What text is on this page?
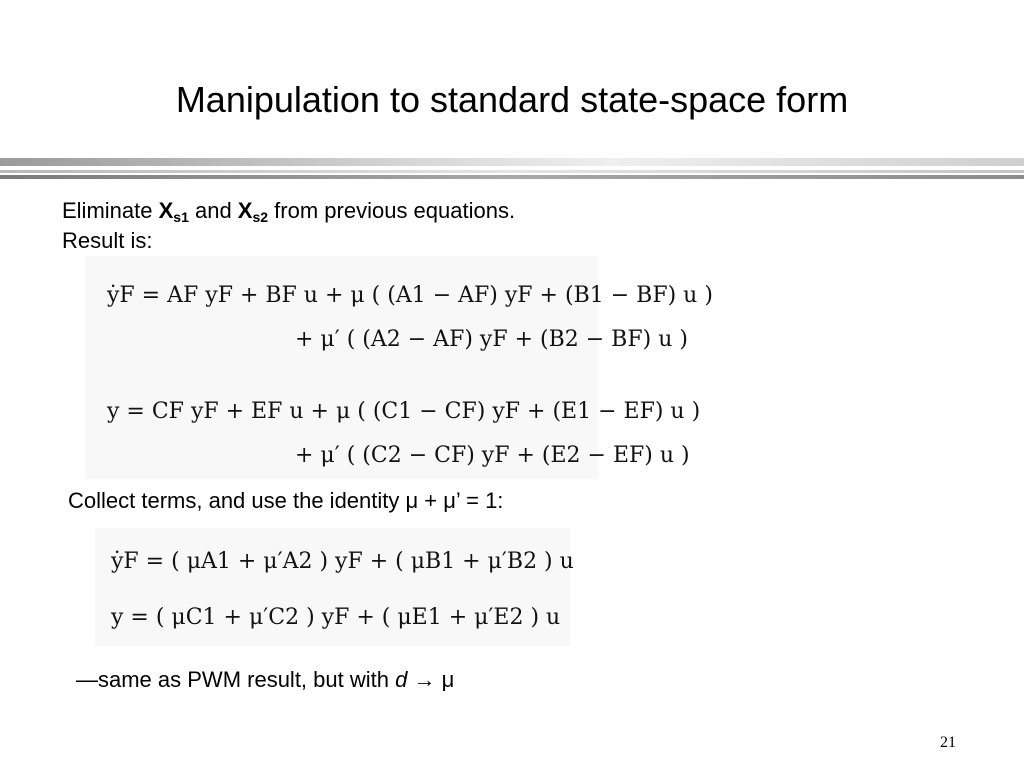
Manipulation to standard state-space form
Eliminate $X_{s1}$ and $X_{s2}$ from previous equations.
Result is:
ẏF = AF yF + BF u + μ ( (A1 − AF) yF + (B1 − BF) u )
+ μ′ ( (A2 − AF) yF + (B2 − BF) u )
y = CF yF + EF u + μ ( (C1 − CF) yF + (E1 − EF) u )
+ μ′ ( (C2 − CF) yF + (E2 − EF) u )
Collect terms, and use the identity μ + μ’ = 1:
ẏF = ( μA1 + μ′A2 ) yF + ( μB1 + μ′B2 ) u
y = ( μC1 + μ′C2 ) yF + ( μE1 + μ′E2 ) u
—same as PWM result, but with d → μ
21
